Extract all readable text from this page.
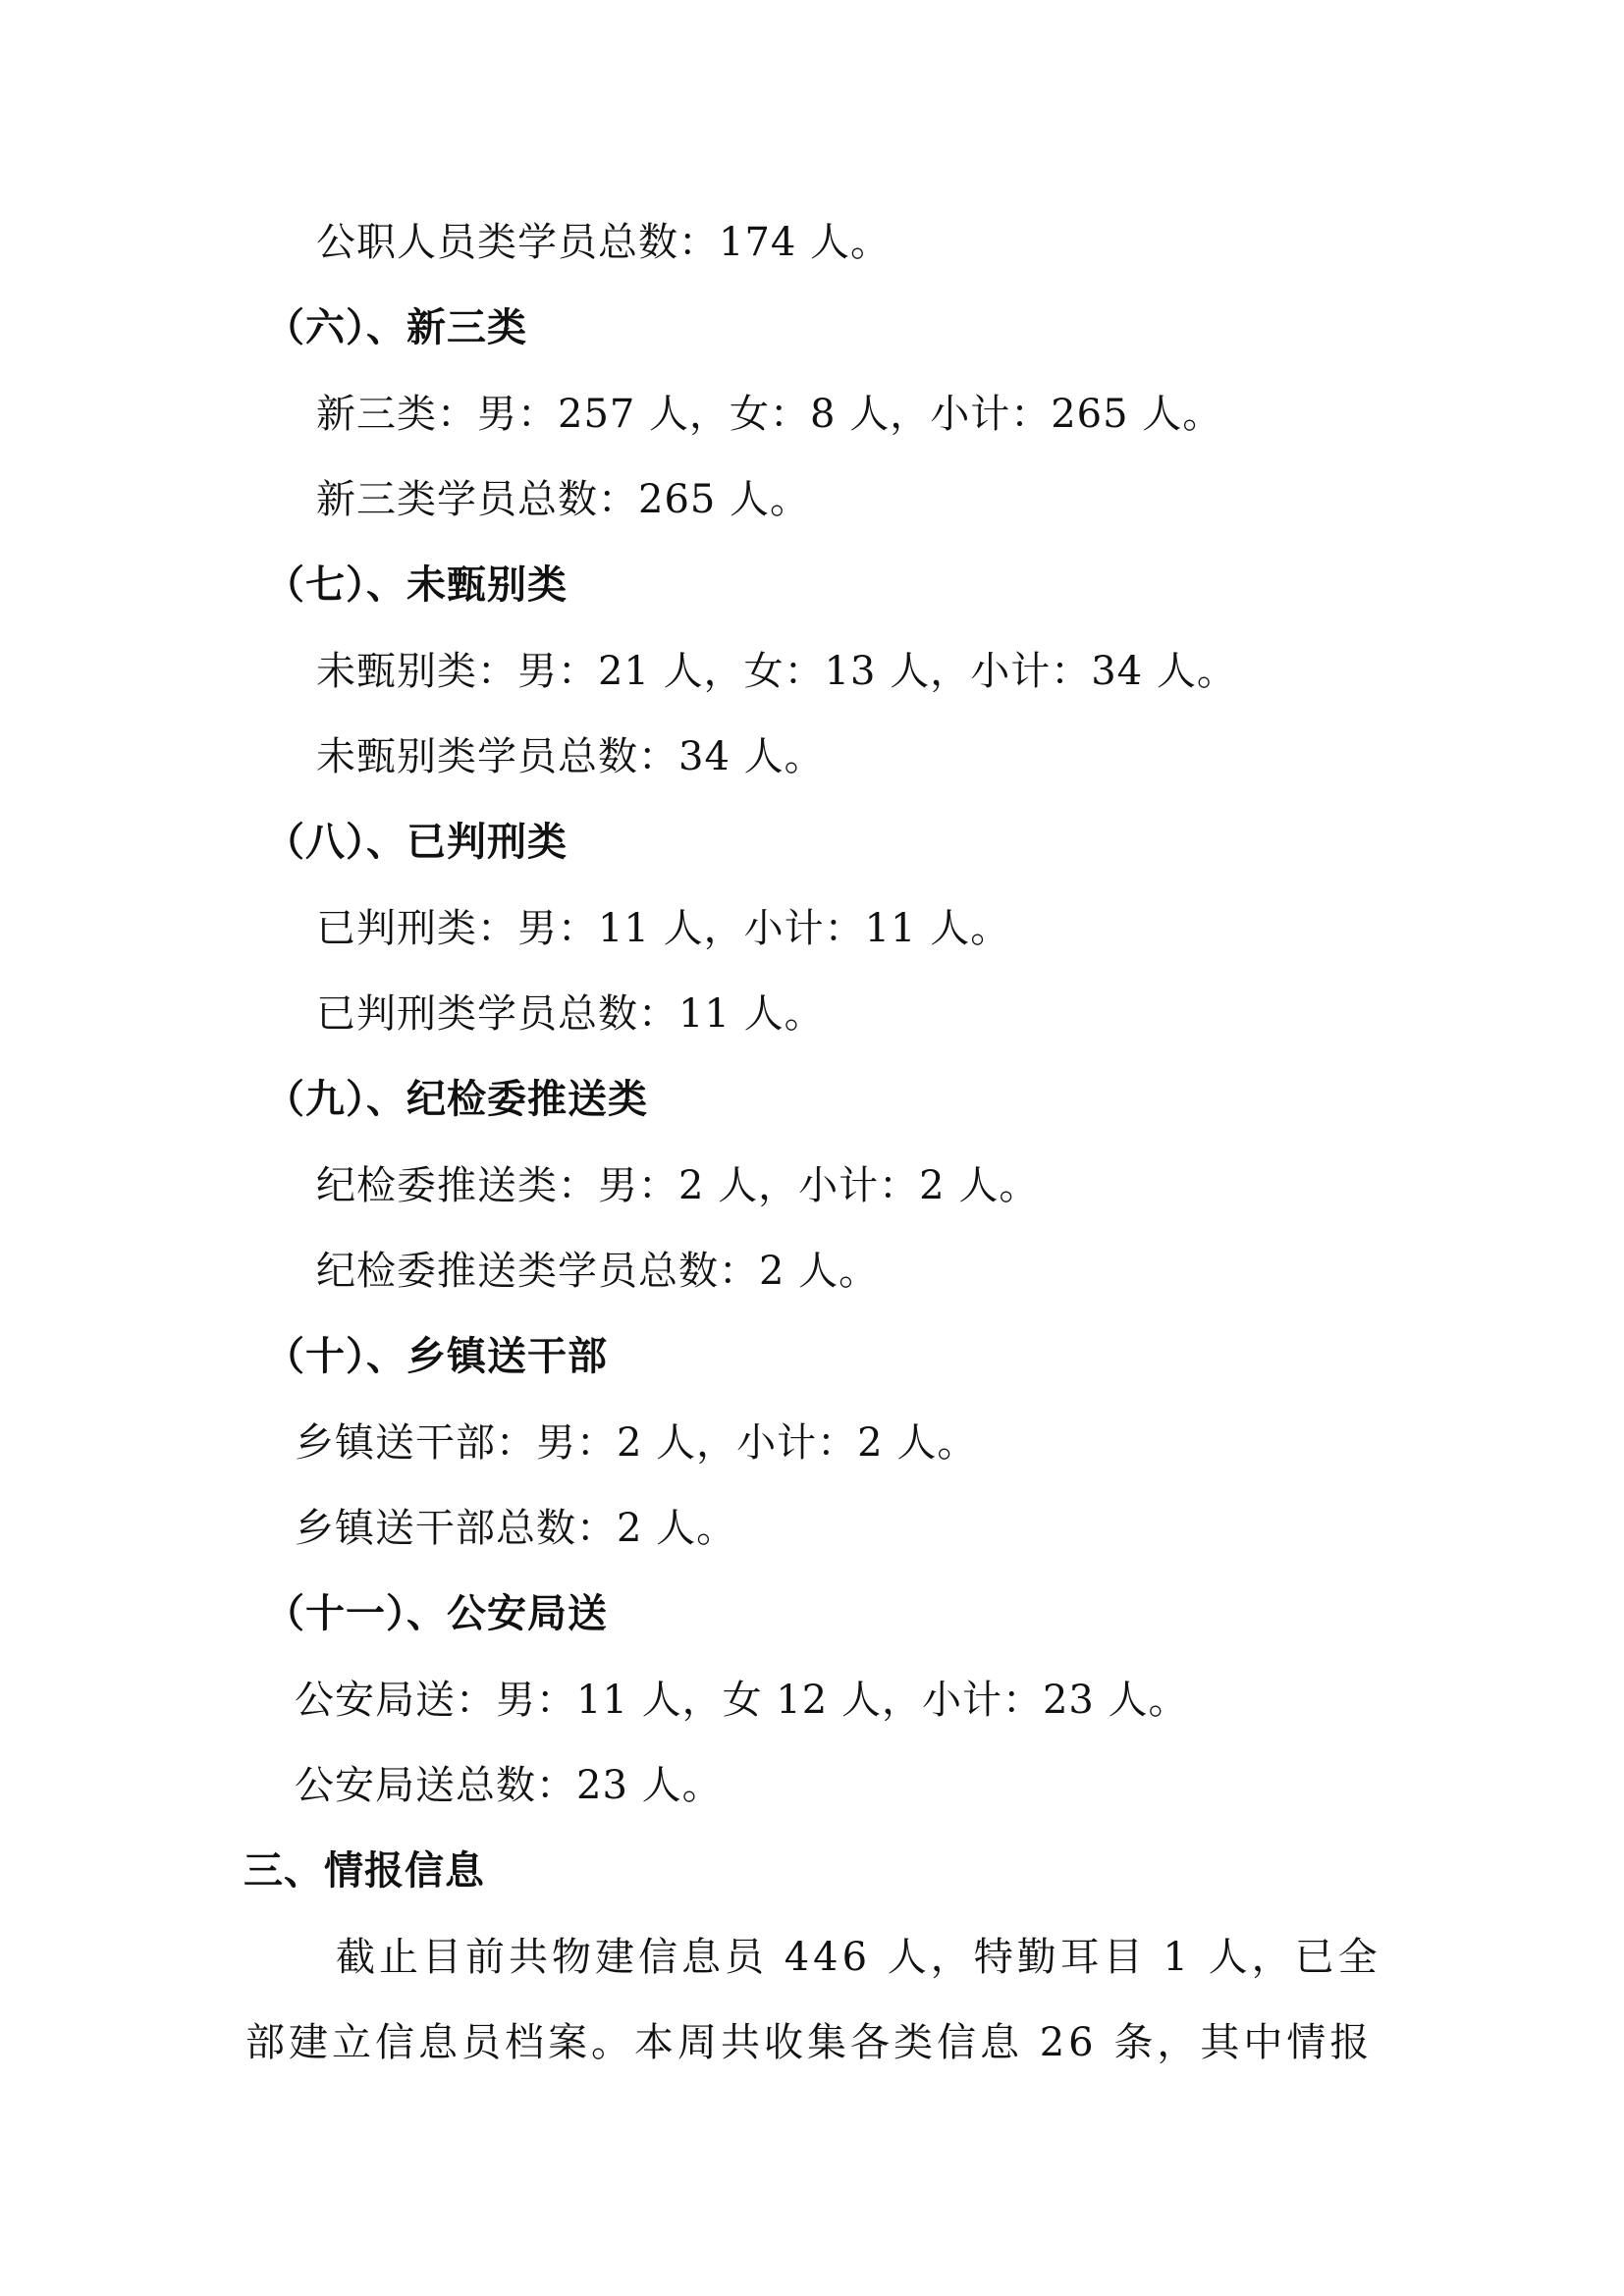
公职人员类学员总数：174 人。
（六）、新三类
新三类：男：257 人，女：8 人，小计：265 人。
新三类学员总数：265 人。
（七）、未甄别类
未甄别类：男：21 人，女：13 人，小计：34 人。
未甄别类学员总数：34 人。
（八）、已判刑类
已判刑类：男：11 人，小计：11 人。
已判刑类学员总数：11 人。
（九）、纪检委推送类
纪检委推送类：男：2 人，小计：2 人。
纪检委推送类学员总数：2 人。
（十）、乡镇送干部
乡镇送干部：男：2 人，小计：2 人。
乡镇送干部总数：2 人。
（十一）、公安局送
公安局送：男：11 人，女 12 人，小计：23 人。
公安局送总数：23 人。
三、情报信息
截止目前共物建信息员 446 人，特勤耳目 1 人，已全
部建立信息员档案。本周共收集各类信息 26 条，其中情报
